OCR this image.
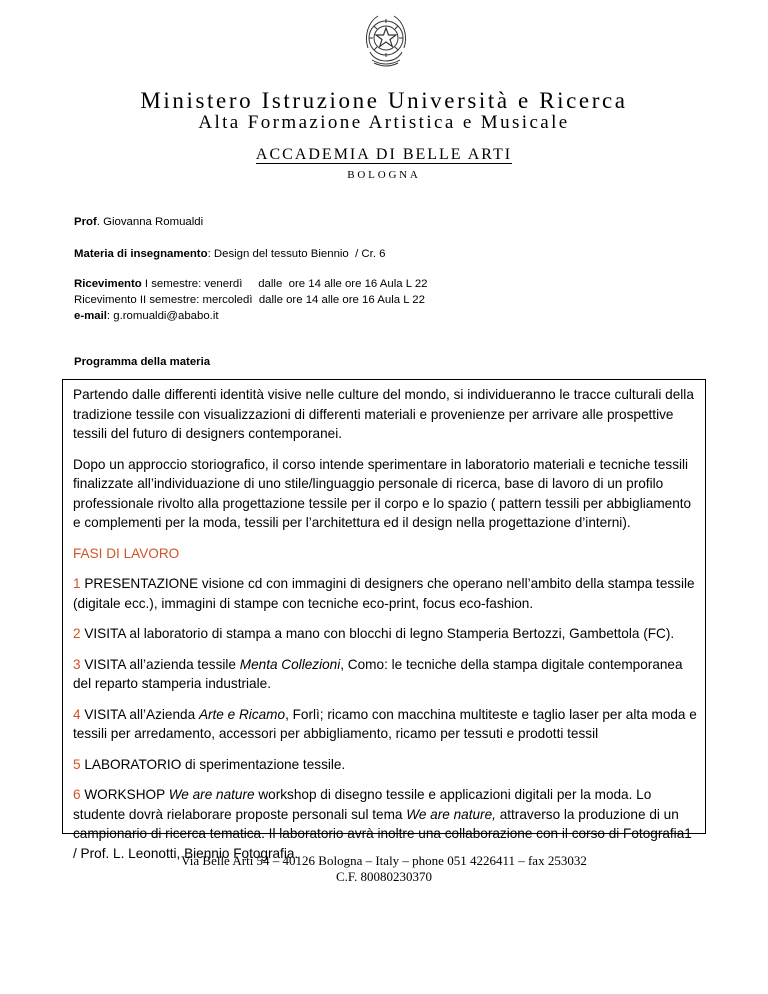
Ministero Istruzione Università e Ricerca
Alta Formazione Artistica e Musicale
ACCADEMIA DI BELLE ARTI
BOLOGNA
Prof. Giovanna Romualdi
Materia di insegnamento: Design del tessuto Biennio  / Cr. 6
Ricevimento I semestre: venerdì     dalle  ore 14 alle ore 16 Aula L 22
Ricevimento II semestre: mercoledì  dalle ore 14 alle ore 16 Aula L 22
e-mail: g.romualdi@ababo.it
Programma della materia

Partendo dalle differenti identità visive nelle culture del mondo, si individueranno le tracce culturali della tradizione tessile con visualizzazioni di differenti materiali e provenienze per arrivare alle prospettive tessili del futuro di designers contemporanei.

Dopo un approccio storiografico, il corso intende sperimentare in laboratorio materiali e tecniche tessili finalizzate all’individuazione di uno stile/linguaggio personale di ricerca, base di lavoro di un profilo professionale rivolto alla progettazione tessile per il corpo e lo spazio ( pattern tessili per abbigliamento e complementi per la moda, tessili per l’architettura ed il design nella progettazione d’interni).

FASI DI LAVORO

1 PRESENTAZIONE visione cd con immagini di designers che operano nell’ambito della stampa tessile (digitale ecc.), immagini di stampe con tecniche eco-print, focus eco-fashion.

2 VISITA al laboratorio di stampa a mano con blocchi di legno Stamperia Bertozzi, Gambettola (FC).

3 VISITA all’azienda tessile Menta Collezioni, Como: le tecniche della stampa digitale contemporanea del reparto stamperia industriale.

4 VISITA all’Azienda Arte e Ricamo, Forlì; ricamo con macchina multiteste e taglio laser per alta moda e tessili per arredamento, accessori per abbigliamento, ricamo per tessuti e prodotti tessil

5 LABORATORIO di sperimentazione tessile.

6 WORKSHOP We are nature workshop di disegno tessile e applicazioni digitali per la moda. Lo studente dovrà rielaborare proposte personali sul tema We are nature, attraverso la produzione di un campionario di ricerca tematica. Il laboratorio avrà inoltre una collaborazione con il corso di Fotografia1 / Prof. L. Leonotti, Biennio Fotografia.

Via Belle Arti 54 – 40126 Bologna – Italy – phone 051 4226411 – fax 253032
C.F. 80080230370
